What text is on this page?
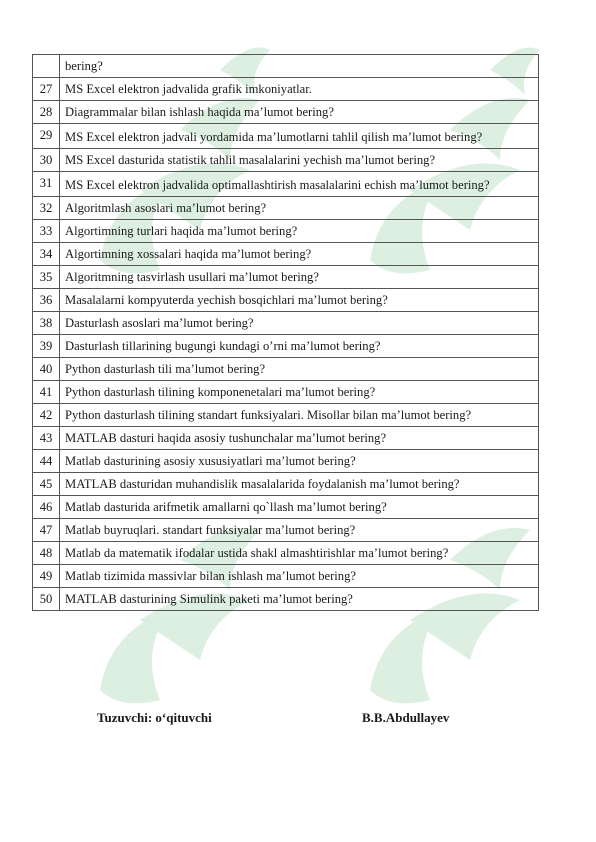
	bering?
27	MS Excel elektron jadvalida grafik imkoniyatlar.
28	Diagrammalar bilan ishlash haqida ma’lumot bering?
29	MS Excel elektron jadvali yordamida ma’lumotlarni tahlil qilish ma’lumot bering?
30	MS Excel dasturida statistik tahlil masalalarini yechish ma’lumot bering?
31	MS Excel elektron jadvalida optimallashtirish masalalarini echish ma’lumot bering?
32	Algoritmlash asoslari ma’lumot bering?
33	Algortimning turlari haqida ma’lumot bering?
34	Algortimning xossalari haqida ma’lumot bering?
35	Algoritmning tasvirlash usullari ma’lumot bering?
36	Masalalarni kompyuterda yechish bosqichlari ma’lumot bering?
38	Dasturlash asoslari ma’lumot bering?
39	Dasturlash tillarining bugungi kundagi o’rni ma’lumot bering?
40	Python dasturlash tili ma’lumot bering?
41	Python dasturlash tilining komponenetalari ma’lumot bering?
42	Python dasturlash tilining standart funksiyalari. Misollar bilan ma’lumot bering?
43	MATLAB dasturi haqida asosiy tushunchalar ma’lumot bering?
44	Matlab dasturining asosiy xususiyatlari ma’lumot bering?
45	MATLAB dasturidan muhandislik masalalarida foydalanish ma’lumot bering?
46	Matlab dasturida arifmetik amallarni qo`llash ma’lumot bering?
47	Matlab buyruqlari. standart funksiyalar ma’lumot bering?
48	Matlab da matematik ifodalar ustida shakl almashtirishlar ma’lumot bering?
49	Matlab tizimida massivlar bilan ishlash ma’lumot bering?
50	MATLAB dasturining Simulink paketi ma’lumot bering?
Tuzuvchi: o‘qituvchi	B.B.Abdullayev
